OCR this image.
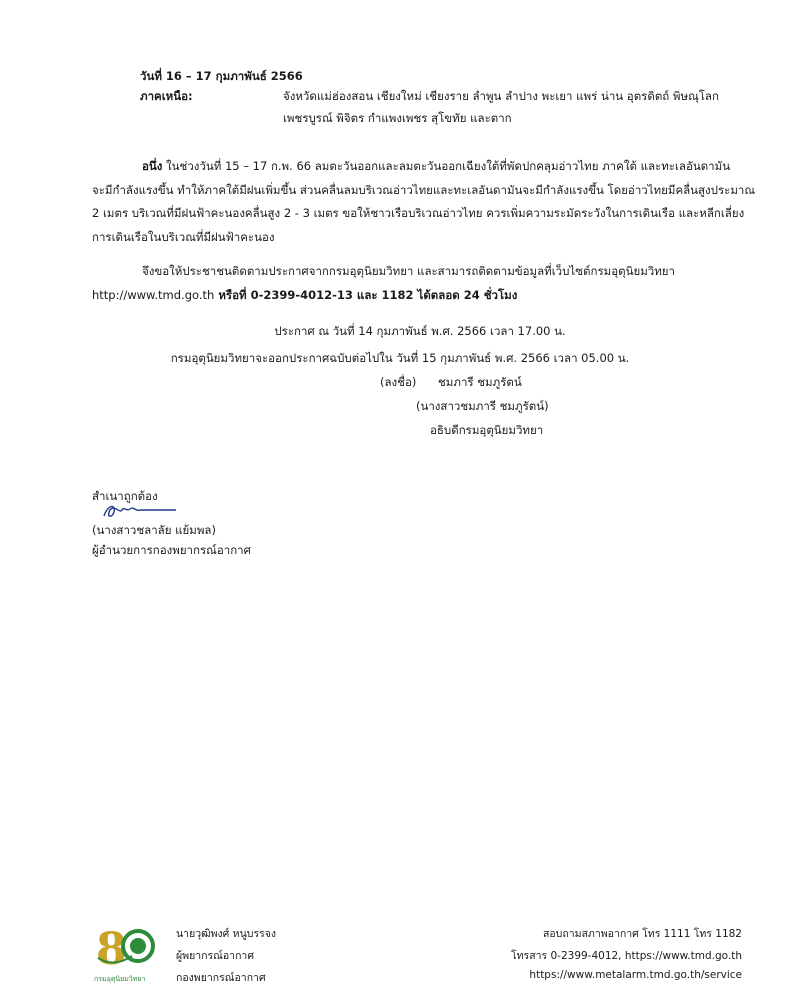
วันที่ 16 – 17 กุมภาพันธ์ 2566
ภาคเหนือ:	จังหวัดแม่ฮ่องสอน เชียงใหม่ เชียงราย ลำพูน ลำปาง พะเยา แพร่ น่าน อุตรดิตถ์ พิษณุโลก
เพชรบูรณ์ พิจิตร กำแพงเพชร สุโขทัย และตาก
อนึ่ง ในช่วงวันที่ 15 – 17 ก.พ. 66 ลมตะวันออกและลมตะวันออกเฉียงใต้ที่พัดปกคลุมอ่าวไทย ภาคใต้ และทะเลอันดามัน
จะมีกำลังแรงขึ้น ทำให้ภาคใต้มีฝนเพิ่มขึ้น ส่วนคลื่นลมบริเวณอ่าวไทยและทะเลอันดามันจะมีกำลังแรงขึ้น โดยอ่าวไทยมีคลื่นสูงประมาณ
2 เมตร บริเวณที่มีฝนฟ้าคะนองคลื่นสูง 2 - 3 เมตร ขอให้ชาวเรือบริเวณอ่าวไทย ควรเพิ่มความระมัดระวังในการเดินเรือ และหลีกเลี่ยง
การเดินเรือในบริเวณที่มีฝนฟ้าคะนอง
จึงขอให้ประชาชนติดตามประกาศจากกรมอุตุนิยมวิทยา และสามารถติดตามข้อมูลที่เว็บไซต์กรมอุตุนิยมวิทยา
http://www.tmd.go.th หรือที่ 0-2399-4012-13 และ 1182 ได้ตลอด 24 ชั่วโมง
ประกาศ ณ วันที่ 14 กุมภาพันธ์ พ.ศ. 2566 เวลา 17.00 น.
กรมอุตุนิยมวิทยาจะออกประกาศฉบับต่อไปใน วันที่ 15 กุมภาพันธ์ พ.ศ. 2566 เวลา 05.00 น.
(ลงชื่อ) ชมภารี ชมภูรัตน์
(นางสาวชมภารี ชมภูรัตน์)
อธิบดีกรมอุตุนิยมวิทยา
สำเนาถูกต้อง
(นางสาวชลาลัย แย้มพล)
ผู้อำนวยการกองพยากรณ์อากาศ
8
กรมอุตุนิยมวิทยา
นายวุฒิพงศ์ หนูบรรจง
ผู้พยากรณ์อากาศ
กองพยากรณ์อากาศ
สอบถามสภาพอากาศ โทร 1111 โทร 1182
โทรสาร 0-2399-4012, https://www.tmd.go.th
https://www.metalarm.tmd.go.th/service
